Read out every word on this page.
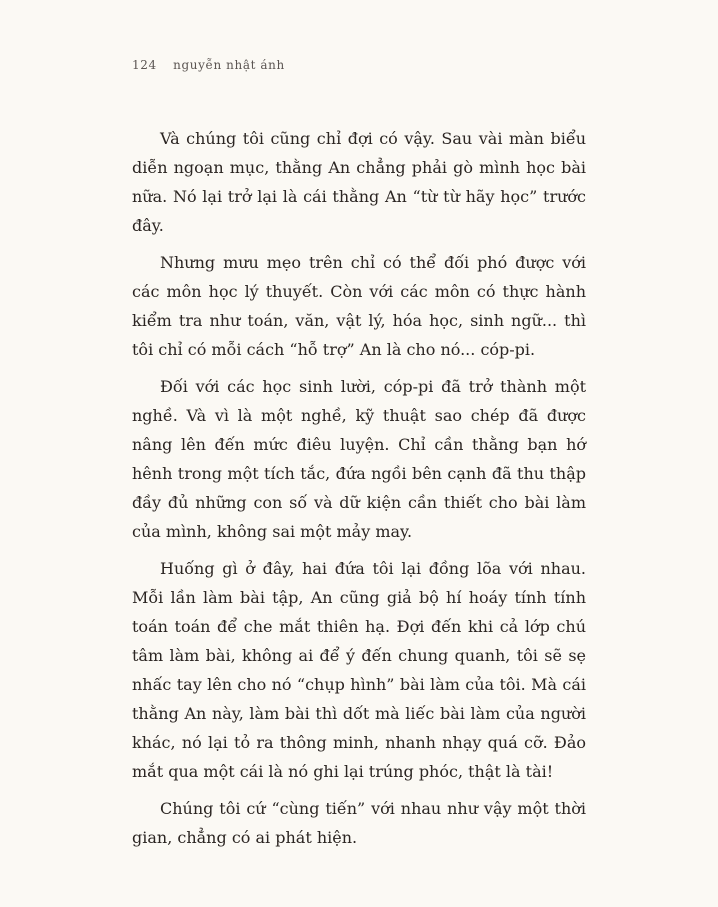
124 nguyễn nhật ánh

Và chúng tôi cũng chỉ đợi có vậy. Sau vài màn biểu diễn ngoạn mục, thằng An chẳng phải gò mình học bài nữa. Nó lại trở lại là cái thằng An “từ từ hãy học” trước đây.

Nhưng mưu mẹo trên chỉ có thể đối phó được với các môn học lý thuyết. Còn với các môn có thực hành kiểm tra như toán, văn, vật lý, hóa học, sinh ngữ... thì tôi chỉ có mỗi cách “hỗ trợ” An là cho nó... cóp-pi.

Đối với các học sinh lười, cóp-pi đã trở thành một nghề. Và vì là một nghề, kỹ thuật sao chép đã được nâng lên đến mức điêu luyện. Chỉ cần thằng bạn hớ hênh trong một tích tắc, đứa ngồi bên cạnh đã thu thập đầy đủ những con số và dữ kiện cần thiết cho bài làm của mình, không sai một mảy may.

Huống gì ở đây, hai đứa tôi lại đồng lõa với nhau. Mỗi lần làm bài tập, An cũng giả bộ hí hoáy tính tính toán toán để che mắt thiên hạ. Đợi đến khi cả lớp chú tâm làm bài, không ai để ý đến chung quanh, tôi sẽ sẹ nhấc tay lên cho nó “chụp hình” bài làm của tôi. Mà cái thằng An này, làm bài thì dốt mà liếc bài làm của người khác, nó lại tỏ ra thông minh, nhanh nhạy quá cỡ. Đảo mắt qua một cái là nó ghi lại trúng phóc, thật là tài!

Chúng tôi cứ “cùng tiến” với nhau như vậy một thời gian, chẳng có ai phát hiện.
